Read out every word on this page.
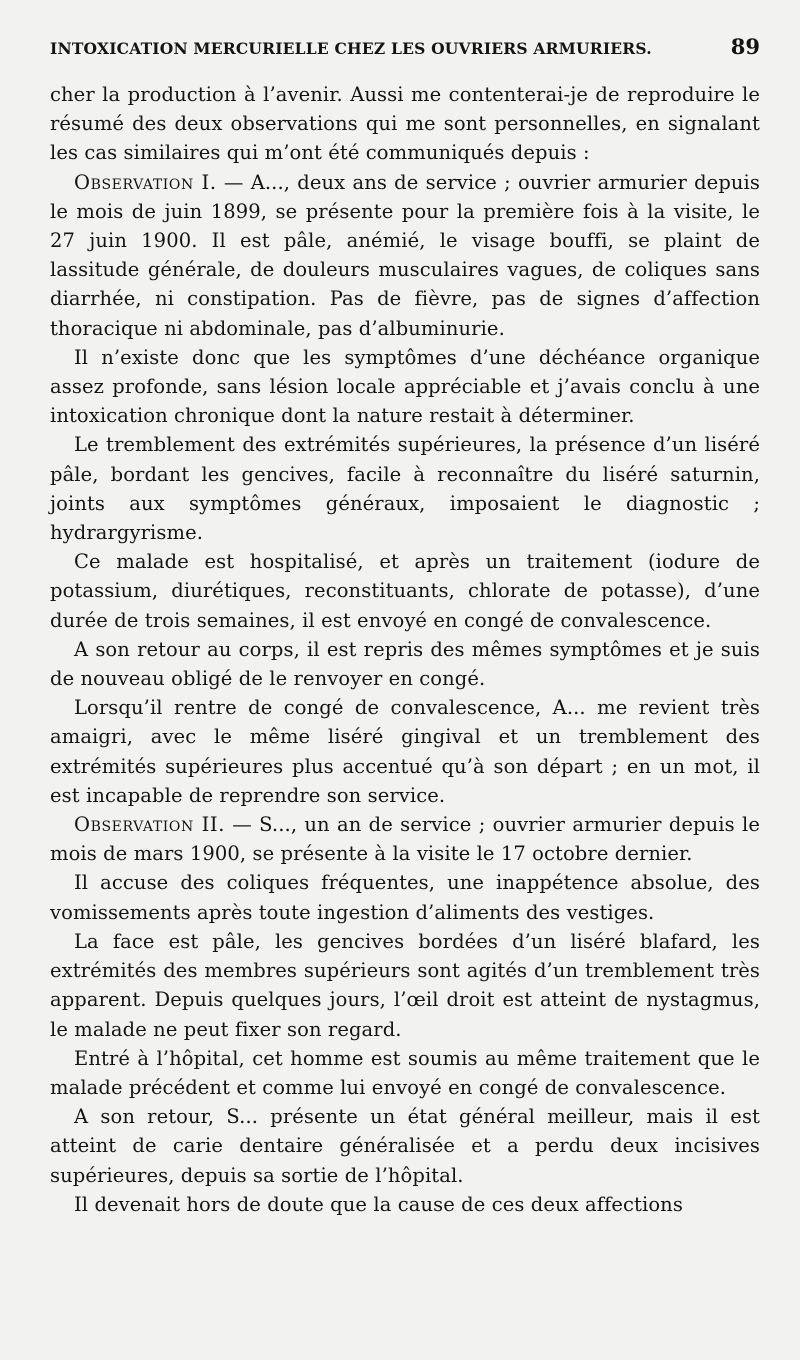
INTOXICATION MERCURIELLE CHEZ LES OUVRIERS ARMURIERS.	89

cher la production à l’avenir. Aussi me contenterai-je de reproduire le résumé des deux observations qui me sont personnelles, en signalant les cas similaires qui m’ont été communiqués depuis :

Observation I. — A..., deux ans de service ; ouvrier armurier depuis le mois de juin 1899, se présente pour la première fois à la visite, le 27 juin 1900. Il est pâle, anémié, le visage bouffi, se plaint de lassitude générale, de douleurs musculaires vagues, de coliques sans diarrhée, ni constipation. Pas de fièvre, pas de signes d’affection thoracique ni abdominale, pas d’albuminurie.

Il n’existe donc que les symptômes d’une déchéance organique assez profonde, sans lésion locale appréciable et j’avais conclu à une intoxication chronique dont la nature restait à déterminer.

Le tremblement des extrémités supérieures, la présence d’un liséré pâle, bordant les gencives, facile à reconnaître du liséré saturnin, joints aux symptômes généraux, imposaient le diagnostic ; hydrargyrisme.

Ce malade est hospitalisé, et après un traitement (iodure de potassium, diurétiques, reconstituants, chlorate de potasse), d’une durée de trois semaines, il est envoyé en congé de convalescence.

A son retour au corps, il est repris des mêmes symptômes et je suis de nouveau obligé de le renvoyer en congé.

Lorsqu’il rentre de congé de convalescence, A... me revient très amaigri, avec le même liséré gingival et un tremblement des extrémités supérieures plus accentué qu’à son départ ; en un mot, il est incapable de reprendre son service.

Observation II. — S..., un an de service ; ouvrier armurier depuis le mois de mars 1900, se présente à la visite le 17 octobre dernier.

Il accuse des coliques fréquentes, une inappétence absolue, des vomissements après toute ingestion d’aliments des vestiges.

La face est pâle, les gencives bordées d’un liséré blafard, les extrémités des membres supérieurs sont agités d’un tremblement très apparent. Depuis quelques jours, l’œil droit est atteint de nystagmus, le malade ne peut fixer son regard.

Entré à l’hôpital, cet homme est soumis au même traitement que le malade précédent et comme lui envoyé en congé de convalescence.

A son retour, S... présente un état général meilleur, mais il est atteint de carie dentaire généralisée et a perdu deux incisives supérieures, depuis sa sortie de l’hôpital.

Il devenait hors de doute que la cause de ces deux affections
